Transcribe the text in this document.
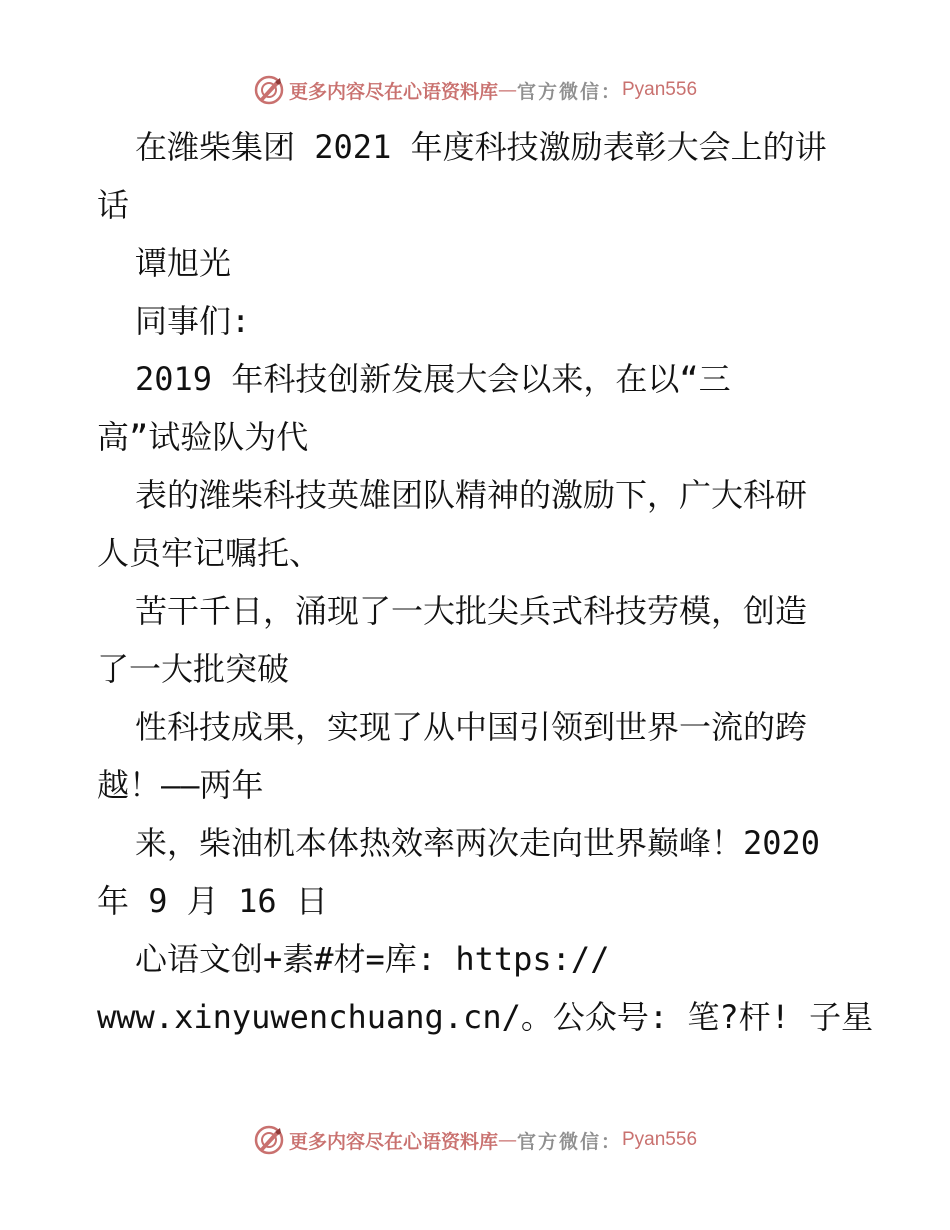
更多内容尽在心语资料库 — 官方微信： Pyan556
在潍柴集团 2021 年度科技激励表彰大会上的讲
话
谭旭光
同事们:
2019 年科技创新发展大会以来，在以“三
高”试验队为代
表的潍柴科技英雄团队精神的激励下，广大科研
人员牢记嘱托、
苦干千日，涌现了一大批尖兵式科技劳模，创造
了一大批突破
性科技成果，实现了从中国引领到世界一流的跨
越！——两年
来，柴油机本体热效率两次走向世界巅峰！2020
年 9 月 16 日
心语文创+素#材=库: https://
www.xinyuwenchuang.cn/。公众号: 笔?杆! 子星
更多内容尽在心语资料库 — 官方微信： Pyan556
